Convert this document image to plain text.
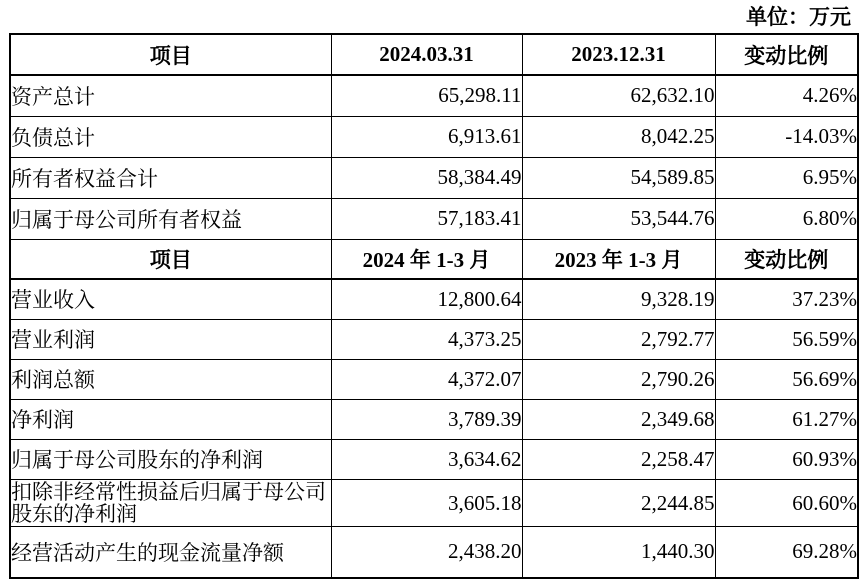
单位：万元
项目	2024.03.31	2023.12.31	变动比例
资产总计	65,298.11	62,632.10	4.26%
负债总计	6,913.61	8,042.25	-14.03%
所有者权益合计	58,384.49	54,589.85	6.95%
归属于母公司所有者权益	57,183.41	53,544.76	6.80%
项目	2024 年 1-3 月	2023 年 1-3 月	变动比例
营业收入	12,800.64	9,328.19	37.23%
营业利润	4,373.25	2,792.77	56.59%
利润总额	4,372.07	2,790.26	56.69%
净利润	3,789.39	2,349.68	61.27%
归属于母公司股东的净利润	3,634.62	2,258.47	60.93%
扣除非经常性损益后归属于母公司股东的净利润	3,605.18	2,244.85	60.60%
经营活动产生的现金流量净额	2,438.20	1,440.30	69.28%
